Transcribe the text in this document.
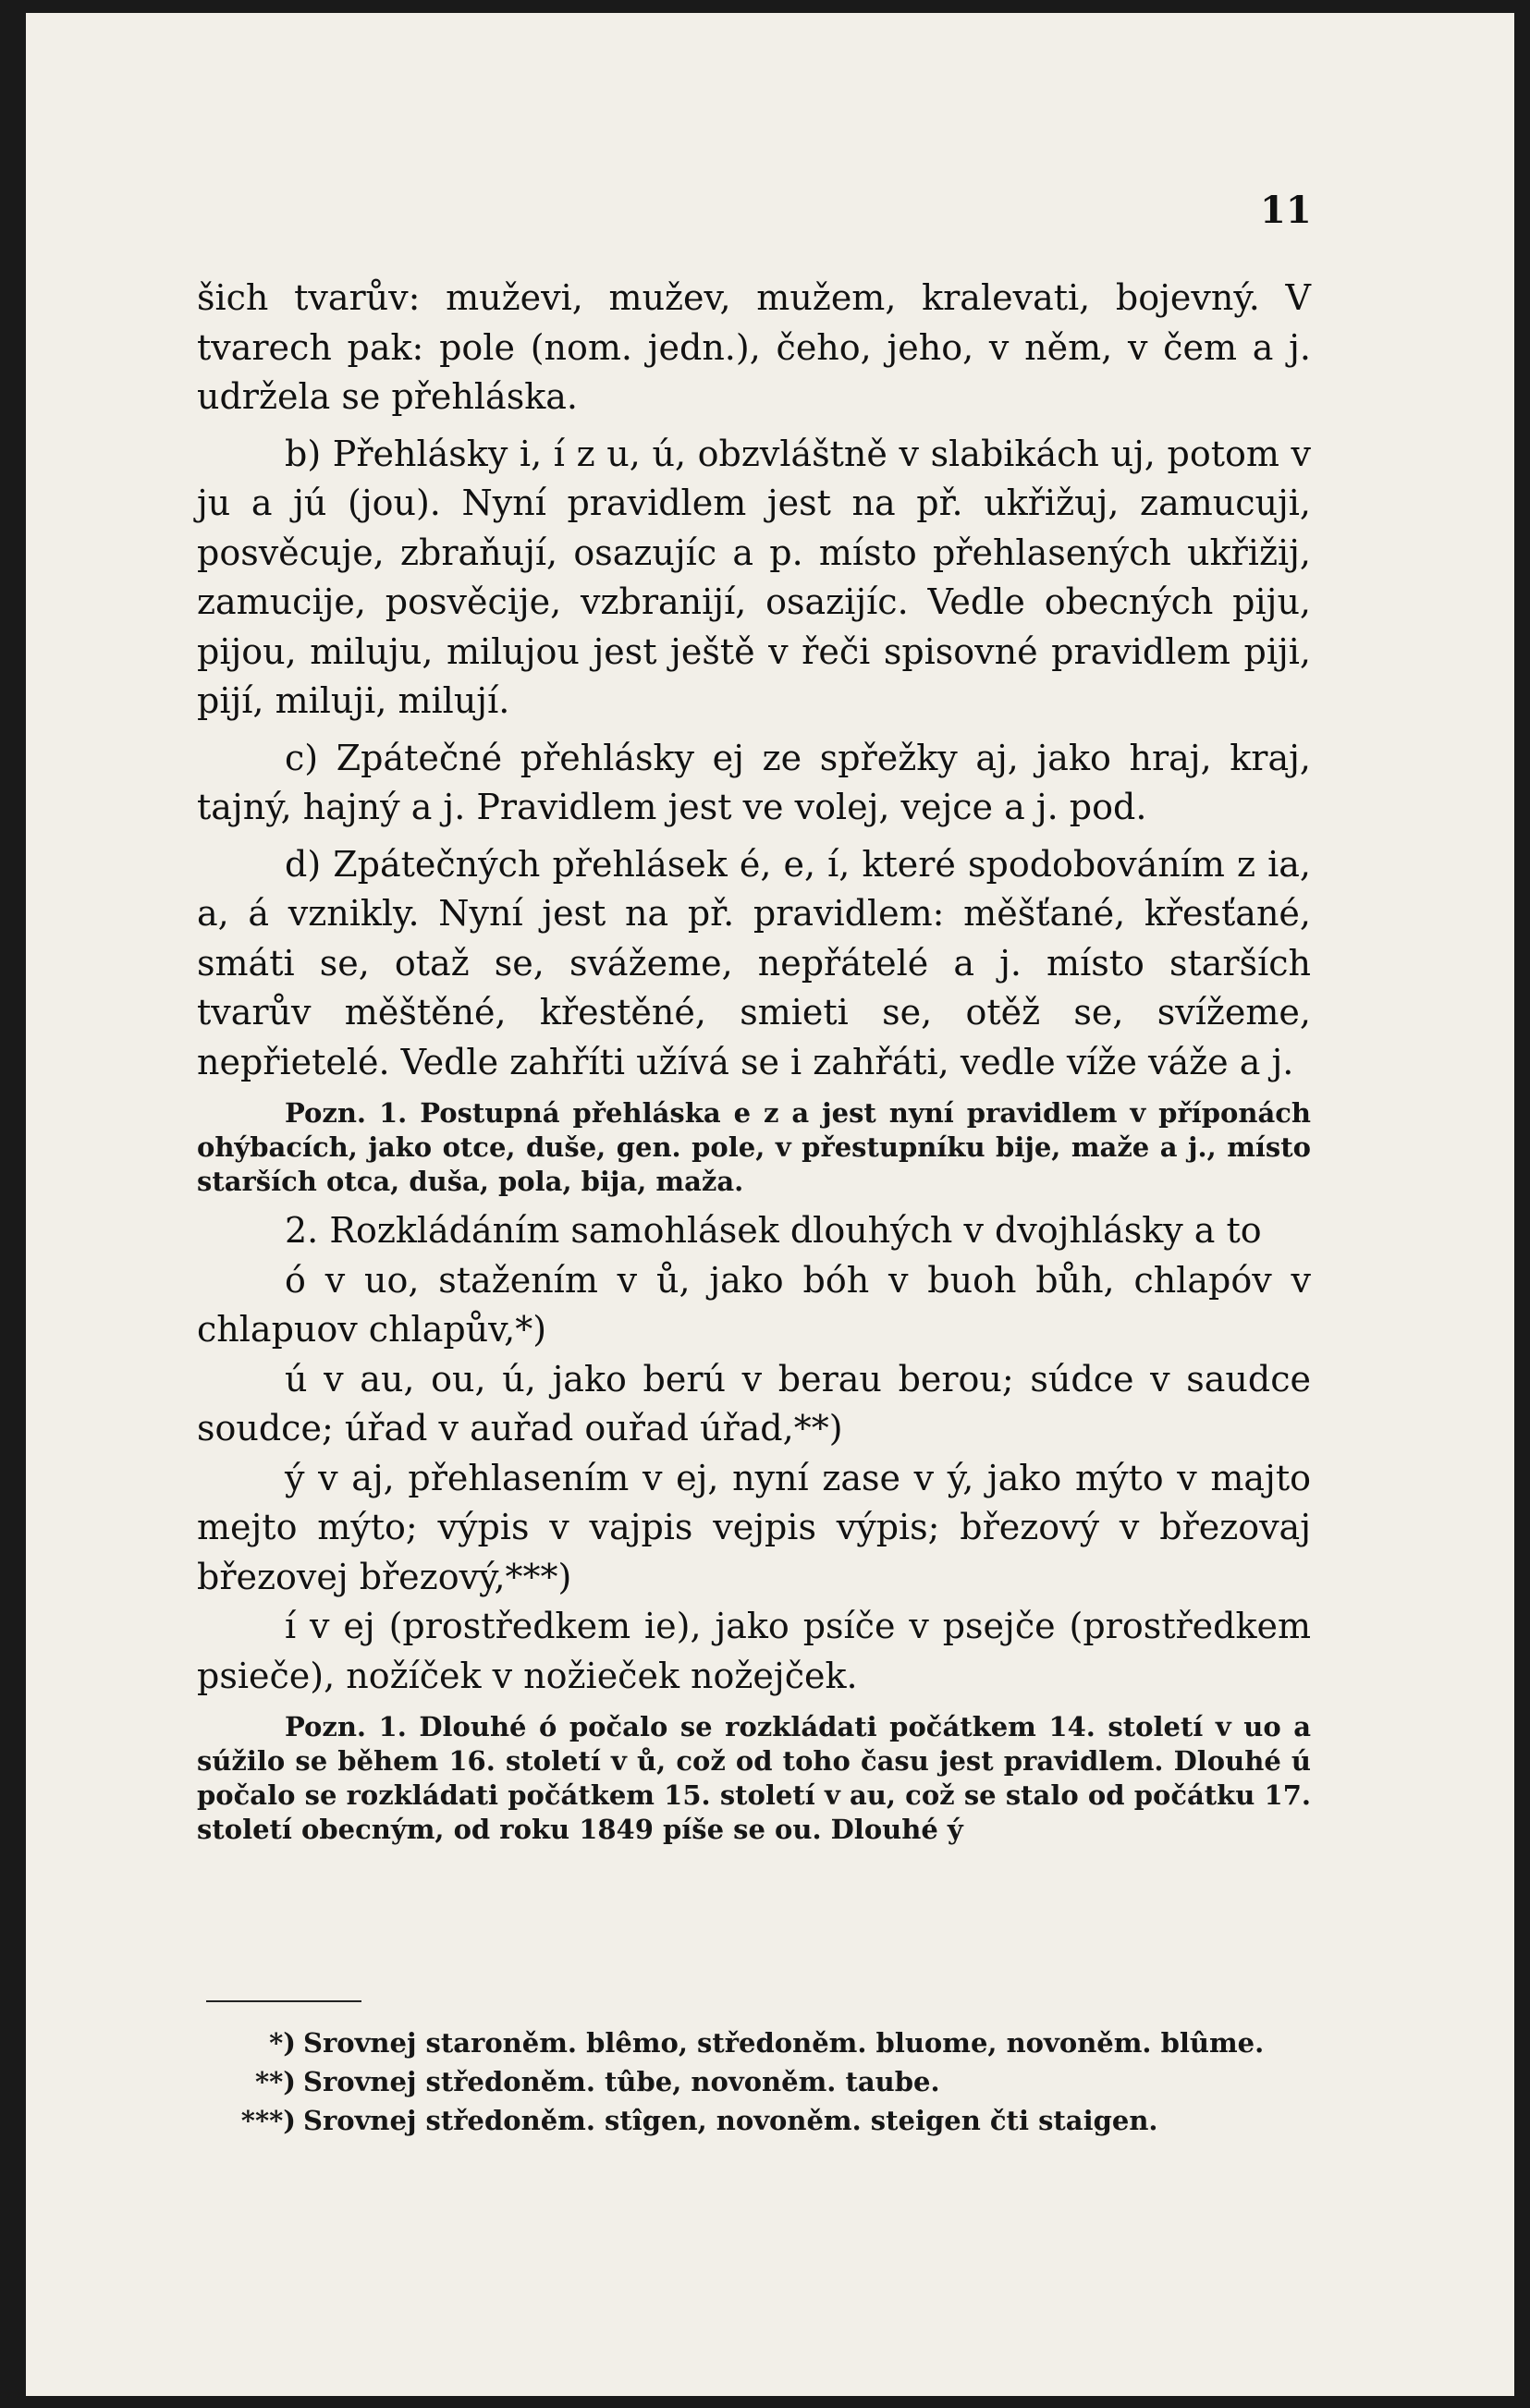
11

šich tvarův: muževi, mužev, mužem, kralevati, bojevný. V tvarech pak: pole (nom. jedn.), čeho, jeho, v něm, v čem a j. udržela se přehláska.

b) Přehlásky i, í z u, ú, obzvláštně v slabikách uj, potom v ju a jú (jou). Nyní pravidlem jest na př. ukřižuj, zamucuji, posvěcuje, zbraňují, osazujíc a p. místo přehlasených ukřižij, zamucije, posvěcije, vzbranijí, osazijíc. Vedle obecných piju, pijou, miluju, milujou jest ještě v řeči spisovné pravidlem piji, pijí, miluji, milují.

c) Zpátečné přehlásky ej ze spřežky aj, jako hraj, kraj, tajný, hajný a j. Pravidlem jest ve volej, vejce a j. pod.

d) Zpátečných přehlásek é, e, í, které spodobováním z ia, a, á vznikly. Nyní jest na př. pravidlem: měšťané, křesťané, smáti se, otaž se, svážeme, nepřátelé a j. místo starších tvarův měštěné, křestěné, smieti se, otěž se, svížeme, nepřietelé. Vedle zahříti užívá se i zahřáti, vedle víže váže a j.

Pozn. 1. Postupná přehláska e z a jest nyní pravidlem v příponách ohýbacích, jako otce, duše, gen. pole, v přestupníku bije, maže a j., místo starších otca, duša, pola, bija, maža.

2. Rozkládáním samohlásek dlouhých v dvojhlásky a to

ó v uo, stažením v ů, jako bóh v buoh bůh, chlapóv v chlapuov chlapův,*)

ú v au, ou, ú, jako berú v berau berou; súdce v saudce soudce; úřad v auřad ouřad úřad,**)

ý v aj, přehlasením v ej, nyní zase v ý, jako mýto v majto mejto mýto; výpis v vajpis vejpis výpis; březový v březovaj březovej březový,***)

í v ej (prostředkem ie), jako psíče v psejče (prostředkem psieče), nožíček v nožieček nožejček.

Pozn. 1. Dlouhé ó počalo se rozkládati počátkem 14. století v uo a súžilo se během 16. století v ů, což od toho času jest pravidlem. Dlouhé ú počalo se rozkládati počátkem 15. století v au, což se stalo od počátku 17. století obecným, od roku 1849 píše se ou. Dlouhé ý

*) Srovnej staroněm. blêmo, středoněm. bluome, novoněm. blûme.

**) Srovnej středoněm. tûbe, novoněm. taube.

***) Srovnej středoněm. stîgen, novoněm. steigen čti staigen.
